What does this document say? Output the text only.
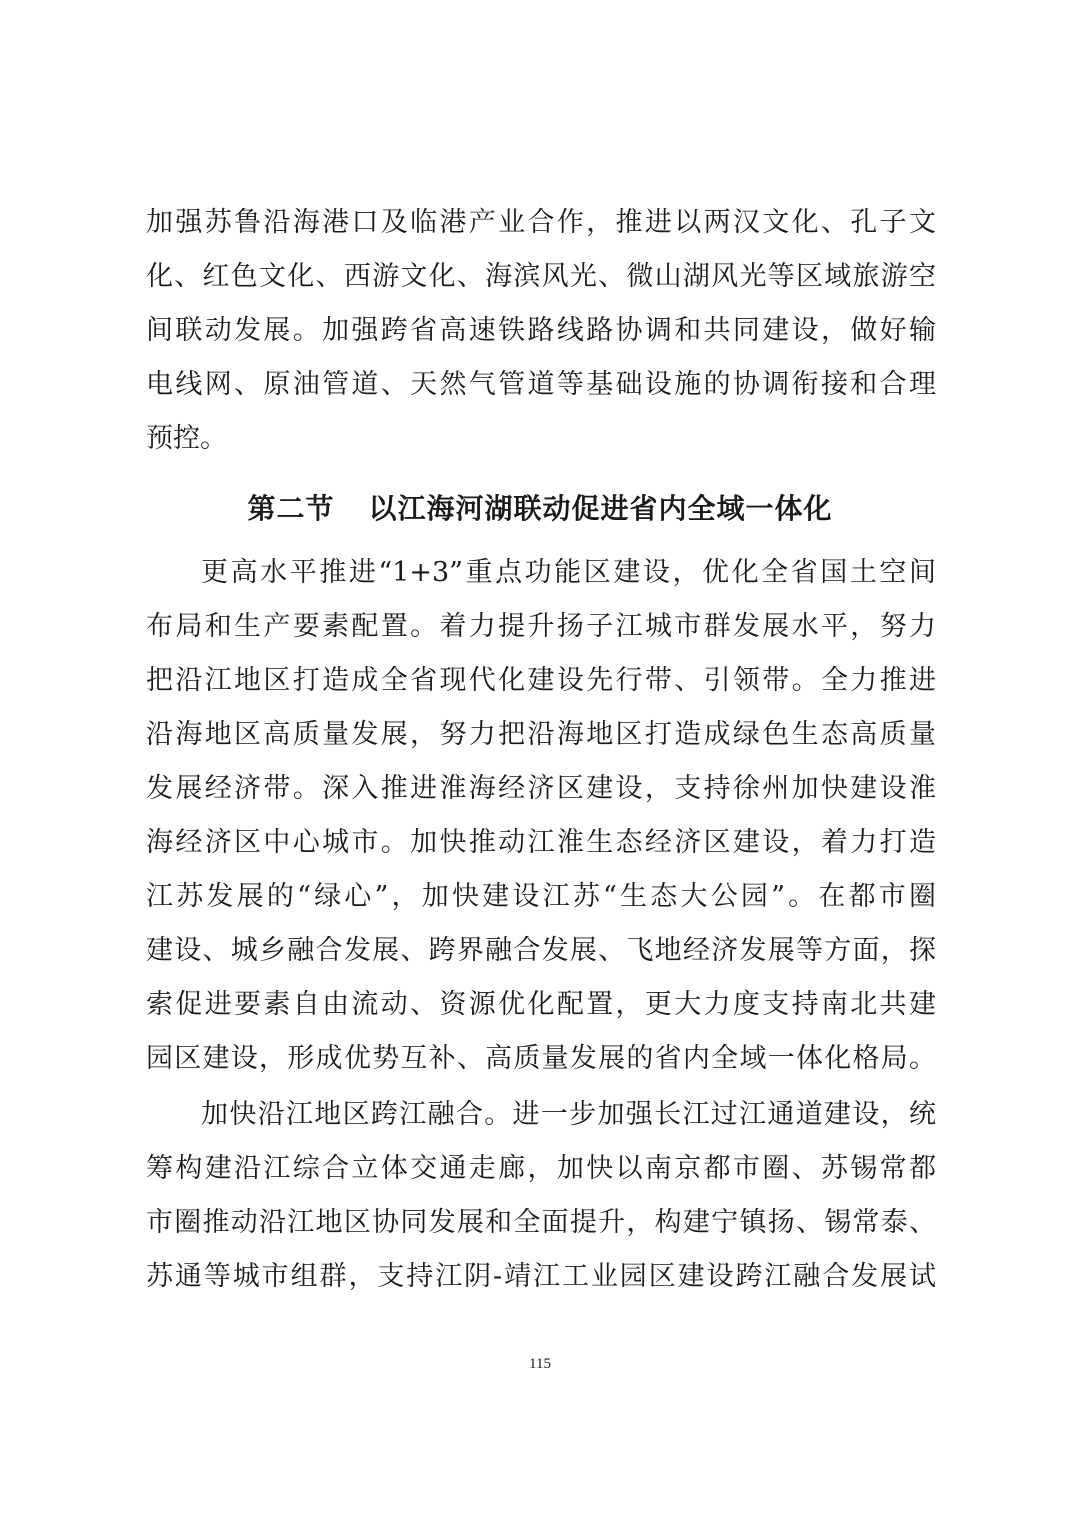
加强苏鲁沿海港口及临港产业合作，推进以两汉文化、孔子文
化、红色文化、西游文化、海滨风光、微山湖风光等区域旅游空
间联动发展。加强跨省高速铁路线路协调和共同建设，做好输
电线网、原油管道、天然气管道等基础设施的协调衔接和合理
预控。
第二节 以江海河湖联动促进省内全域一体化
更高水平推进“1+3”重点功能区建设，优化全省国土空间
布局和生产要素配置。着力提升扬子江城市群发展水平，努力
把沿江地区打造成全省现代化建设先行带、引领带。全力推进
沿海地区高质量发展，努力把沿海地区打造成绿色生态高质量
发展经济带。深入推进淮海经济区建设，支持徐州加快建设淮
海经济区中心城市。加快推动江淮生态经济区建设，着力打造
江苏发展的“绿心”，加快建设江苏“生态大公园”。在都市圈
建设、城乡融合发展、跨界融合发展、飞地经济发展等方面，探
索促进要素自由流动、资源优化配置，更大力度支持南北共建
园区建设，形成优势互补、高质量发展的省内全域一体化格局。
加快沿江地区跨江融合。进一步加强长江过江通道建设，统
筹构建沿江综合立体交通走廊，加快以南京都市圈、苏锡常都
市圈推动沿江地区协同发展和全面提升，构建宁镇扬、锡常泰、
苏通等城市组群，支持江阴-靖江工业园区建设跨江融合发展试
115
